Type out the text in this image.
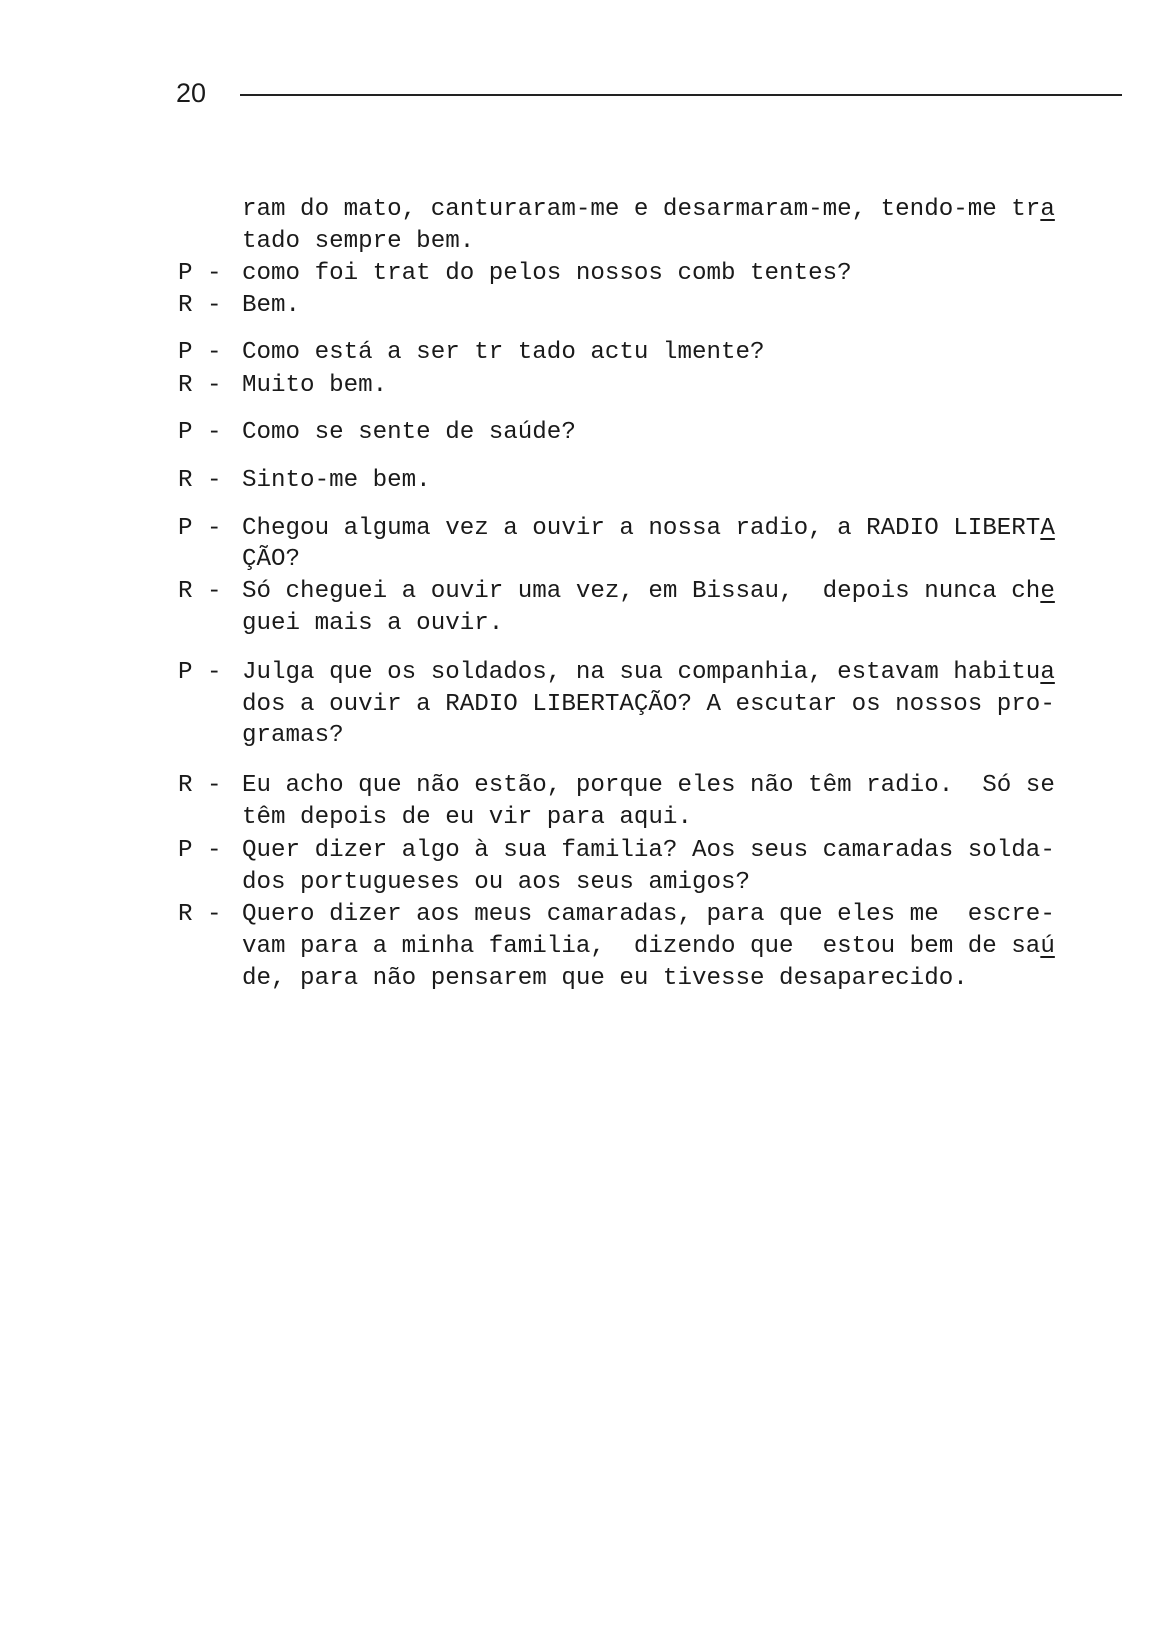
20
ram do mato, canturaram-me e desarmaram-me, tendo-me tra
tado sempre bem.
P - como foi trat do pelos nossos comb tentes?
R - Bem.
P - Como está a ser tr tado actu lmente?
R - Muito bem.
P - Como se sente de saúde?
R - Sinto-me bem.
P - Chegou alguma vez a ouvir a nossa radio, a RADIO LIBERTA
ÇÃO?
R - Só cheguei a ouvir uma vez, em Bissau,  depois nunca che
guei mais a ouvir.
P - Julga que os soldados, na sua companhia, estavam habitua
dos a ouvir a RADIO LIBERTAÇÃO? A escutar os nossos pro-
gramas?
R - Eu acho que não estão, porque eles não têm radio.  Só se
têm depois de eu vir para aqui.
P - Quer dizer algo à sua familia? Aos seus camaradas solda-
dos portugueses ou aos seus amigos?
R - Quero dizer aos meus camaradas, para que eles me  escre-
vam para a minha familia,  dizendo que  estou bem de saú
de, para não pensarem que eu tivesse desaparecido.
